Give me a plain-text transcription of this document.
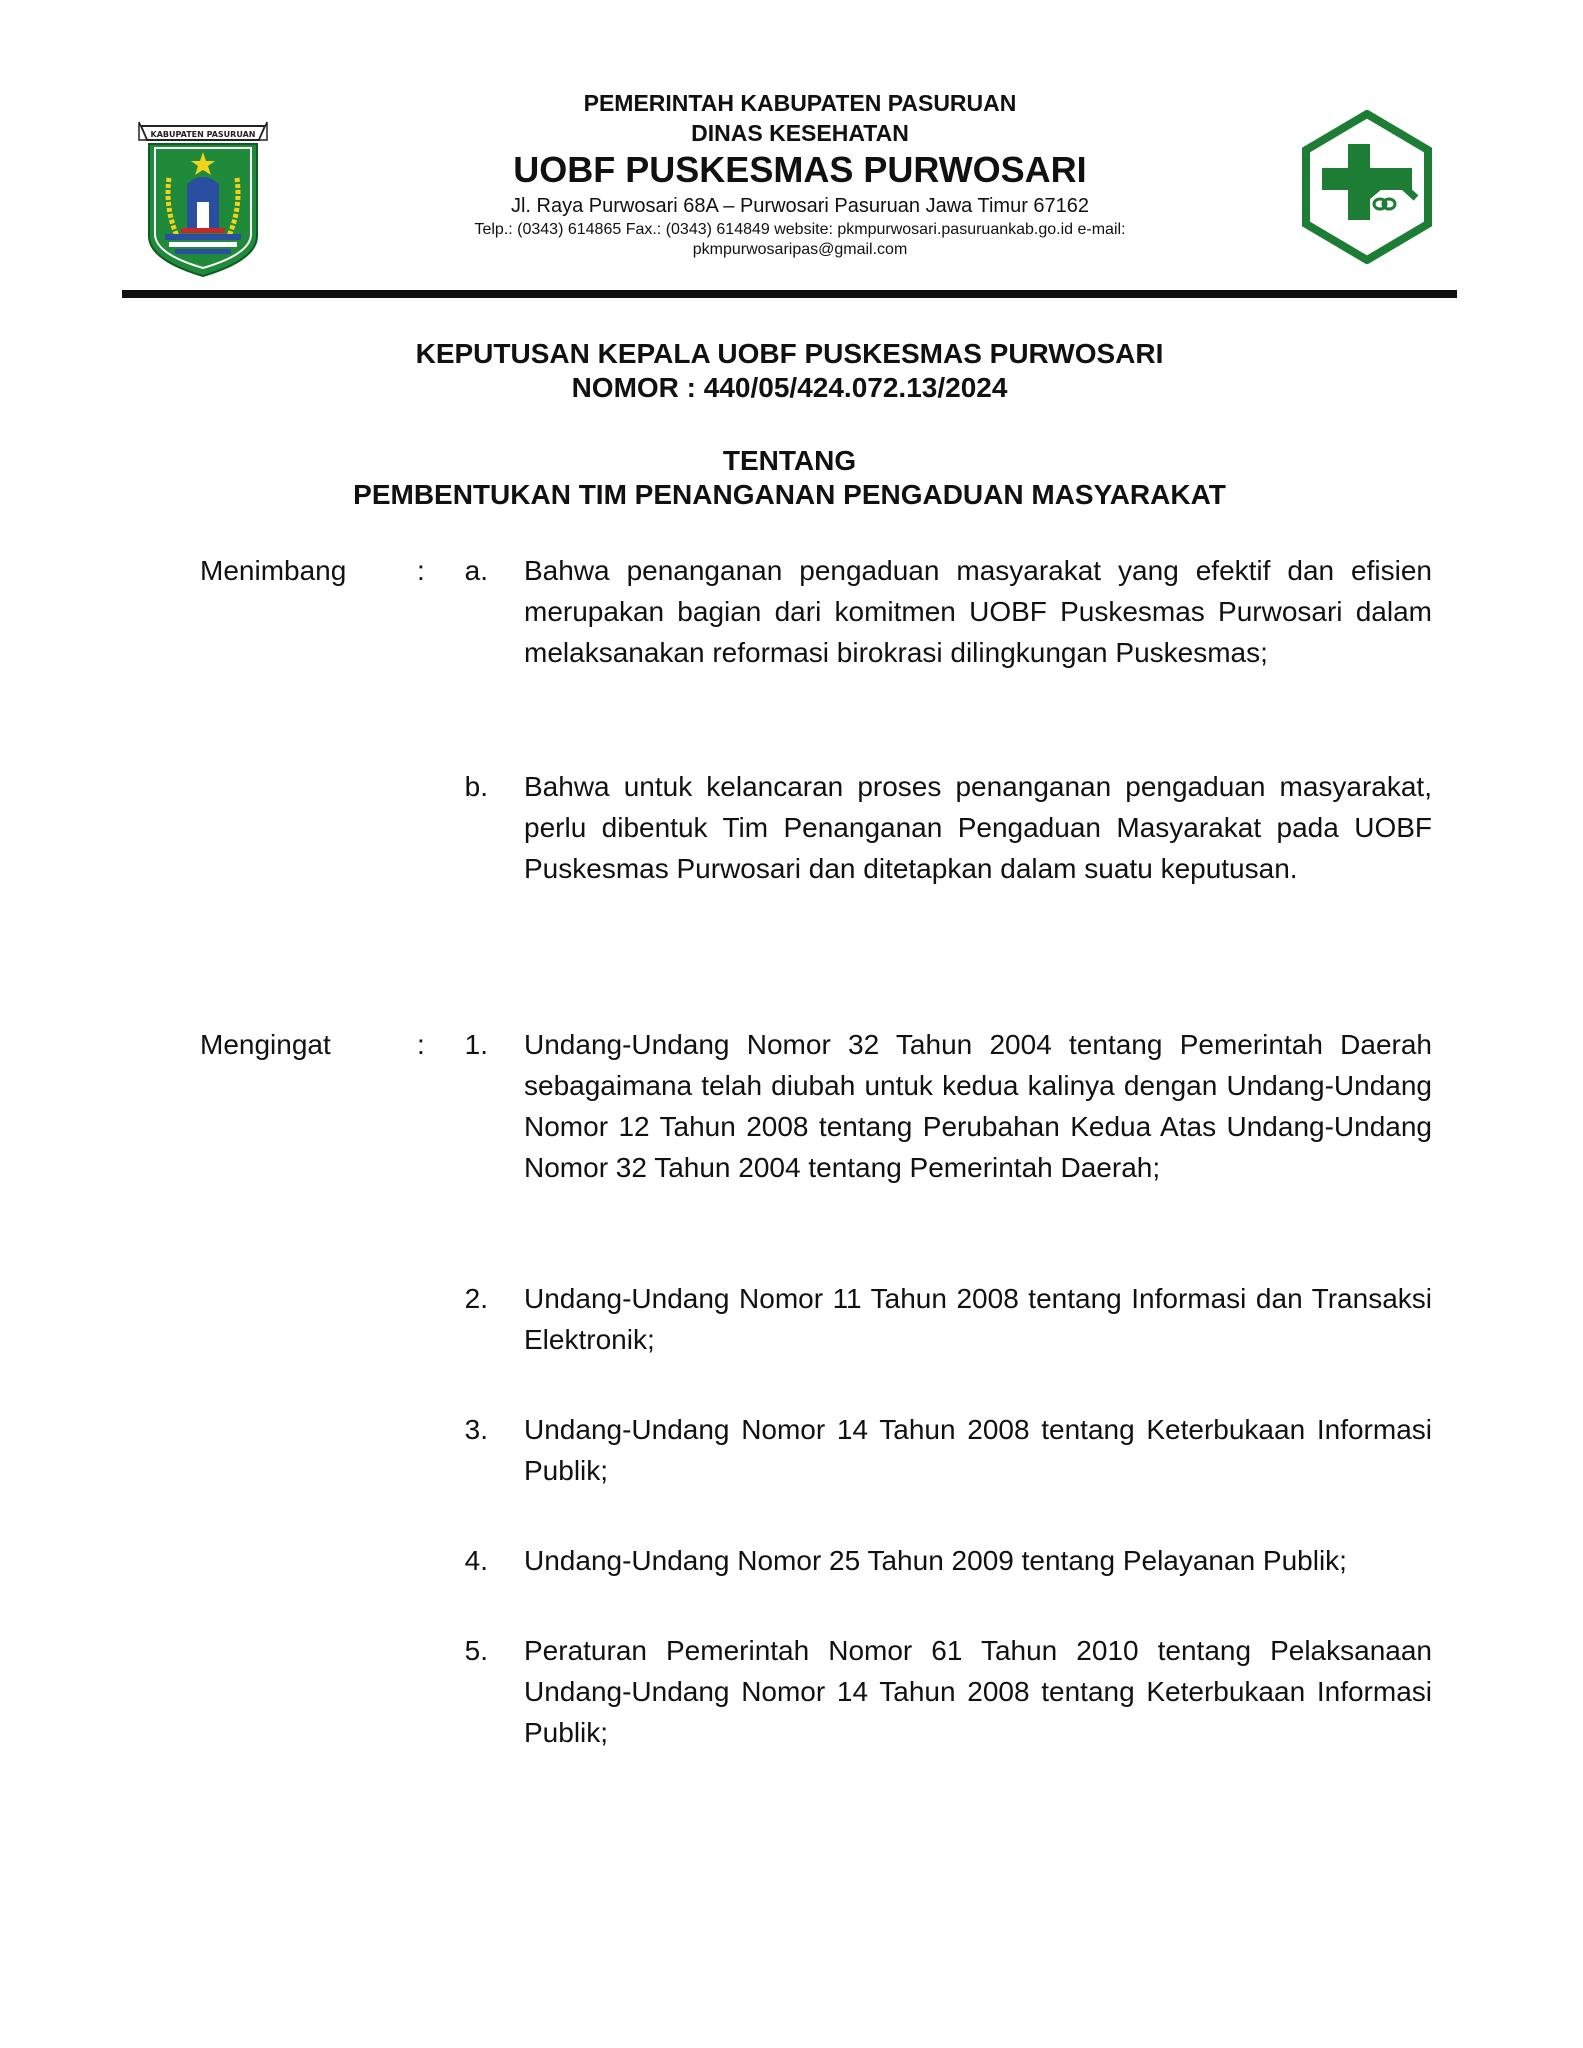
KABUPATEN PASURUAN

PEMERINTAH KABUPATEN PASURUAN

DINAS KESEHATAN

UOBF PUSKESMAS PURWOSARI

Jl. Raya Purwosari 68A – Purwosari Pasuruan Jawa Timur 67162

Telp.: (0343) 614865 Fax.: (0343) 614849 website: pkmpurwosari.pasuruankab.go.id e-mail:

pkmpurwosaripas@gmail.com

KEPUTUSAN KEPALA UOBF PUSKESMAS PURWOSARI

NOMOR : 440/05/424.072.13/2024

TENTANG

PEMBENTUKAN TIM PENANGANAN PENGADUAN MASYARAKAT

Menimbang	:	a. Bahwa penanganan pengaduan masyarakat yang efektif dan efisien merupakan bagian dari komitmen UOBF Puskesmas Purwosari dalam melaksanakan reformasi birokrasi dilingkungan Puskesmas;

b. Bahwa untuk kelancaran proses penanganan pengaduan masyarakat, perlu dibentuk Tim Penanganan Pengaduan Masyarakat pada UOBF Puskesmas Purwosari dan ditetapkan dalam suatu keputusan.

Mengingat	:	1. Undang-Undang Nomor 32 Tahun 2004 tentang Pemerintah Daerah sebagaimana telah diubah untuk kedua kalinya dengan Undang-Undang Nomor 12 Tahun 2008 tentang Perubahan Kedua Atas Undang-Undang Nomor 32 Tahun 2004 tentang Pemerintah Daerah;

2. Undang-Undang Nomor 11 Tahun 2008 tentang Informasi dan Transaksi Elektronik;

3. Undang-Undang Nomor 14 Tahun 2008 tentang Keterbukaan Informasi Publik;

4. Undang-Undang Nomor 25 Tahun 2009 tentang Pelayanan Publik;

5. Peraturan Pemerintah Nomor 61 Tahun 2010 tentang Pelaksanaan Undang-Undang Nomor 14 Tahun 2008 tentang Keterbukaan Informasi Publik;
